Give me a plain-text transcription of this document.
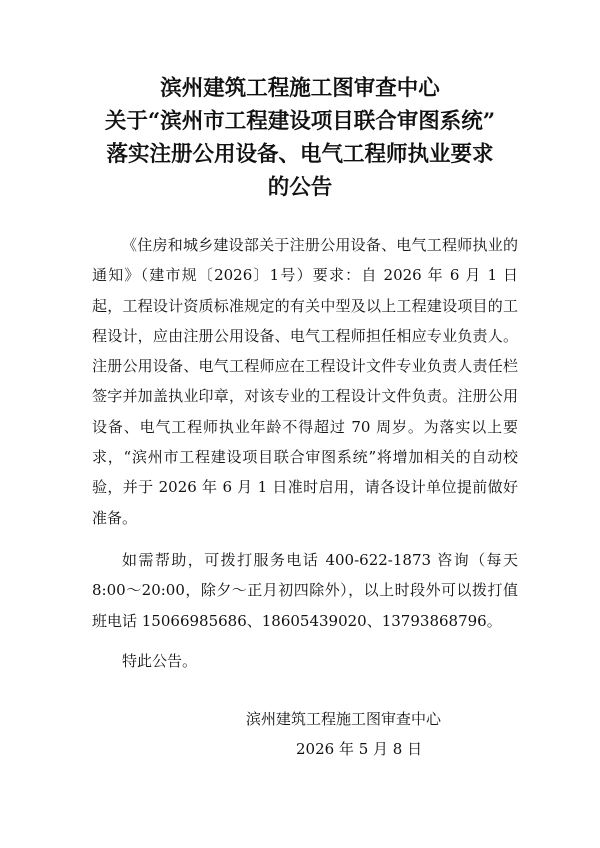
滨州建筑工程施工图审查中心
关于“滨州市工程建设项目联合审图系统”
落实注册公用设备、电气工程师执业要求
的公告

《住房和城乡建设部关于注册公用设备、电气工程师执业的通知》（建市规〔2026〕1号）要求：自 2026 年 6 月 1 日起，工程设计资质标准规定的有关中型及以上工程建设项目的工程设计，应由注册公用设备、电气工程师担任相应专业负责人。注册公用设备、电气工程师应在工程设计文件专业负责人责任栏签字并加盖执业印章，对该专业的工程设计文件负责。注册公用设备、电气工程师执业年龄不得超过 70 周岁。为落实以上要求，“滨州市工程建设项目联合审图系统”将增加相关的自动校验，并于 2026 年 6 月 1 日准时启用，请各设计单位提前做好准备。

如需帮助，可拨打服务电话 400-622-1873 咨询（每天 8:00～20:00，除夕～正月初四除外），以上时段外可以拨打值班电话 15066985686、18605439020、13793868796。

特此公告。

滨州建筑工程施工图审查中心
2026 年 5 月 8 日
